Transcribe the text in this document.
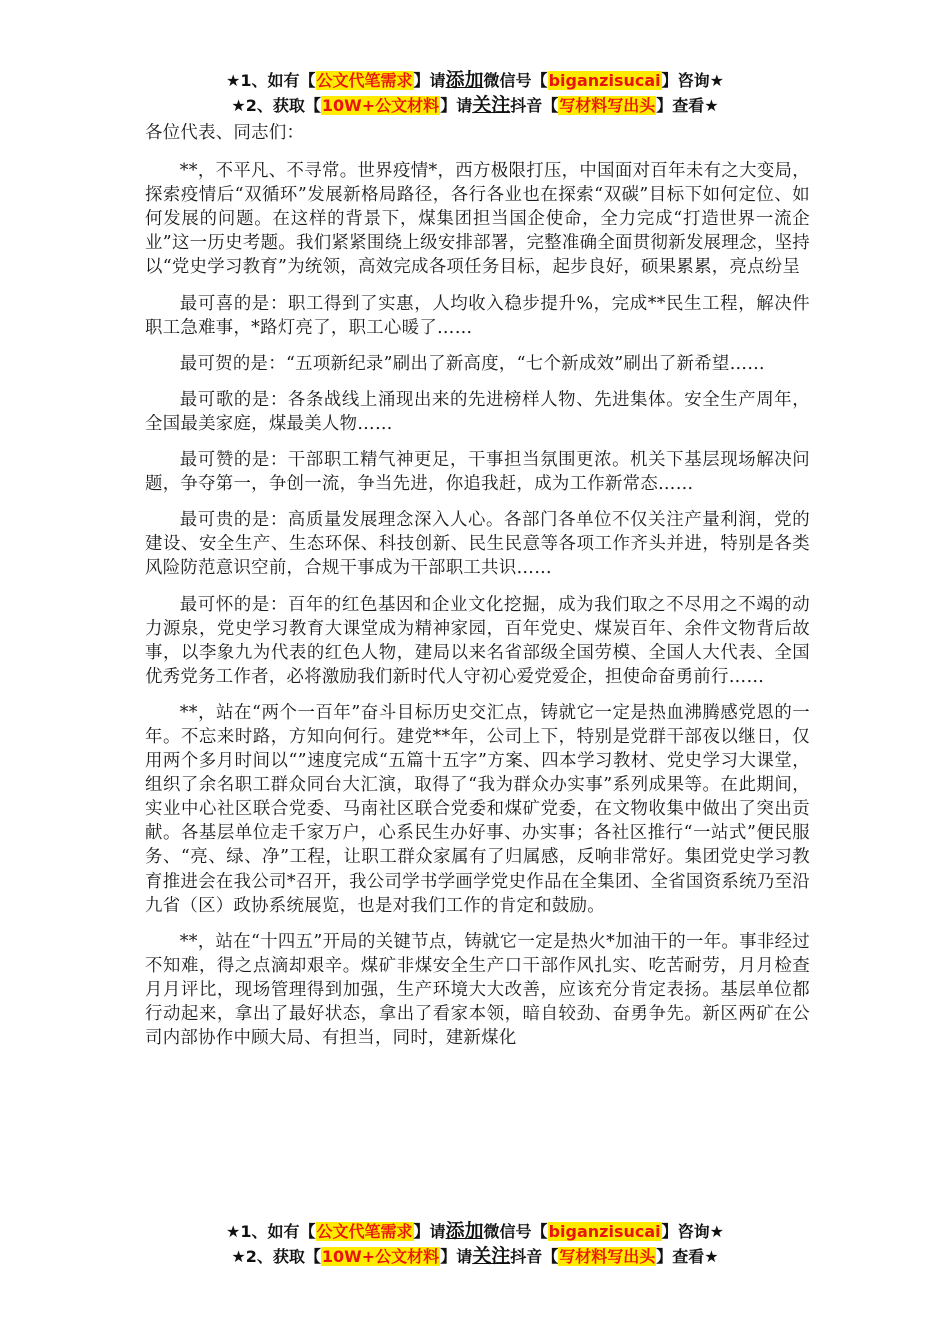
★1、如有【公文代笔需求】请添加微信号【biganzisucai】咨询★
★2、获取【10W+公文材料】请关注抖音【写材料写出头】查看★

各位代表、同志们：

**，不平凡、不寻常。世界疫情*，西方极限打压，中国面对百年未有之大变局，探索疫情后“双循环”发展新格局路径，各行各业也在探索“双碳”目标下如何定位、如何发展的问题。在这样的背景下，煤集团担当国企使命，全力完成“打造世界一流企业”这一历史考题。我们紧紧围绕上级安排部署，完整准确全面贯彻新发展理念，坚持以“党史学习教育”为统领，高效完成各项任务目标，起步良好，硕果累累，亮点纷呈

最可喜的是：职工得到了实惠，人均收入稳步提升%，完成**民生工程，解决件职工急难事，*路灯亮了，职工心暖了……

最可贺的是：“五项新纪录”刷出了新高度，“七个新成效”刷出了新希望……

最可歌的是：各条战线上涌现出来的先进榜样人物、先进集体。安全生产周年，全国最美家庭，煤最美人物……

最可赞的是：干部职工精气神更足，干事担当氛围更浓。机关下基层现场解决问题，争夺第一，争创一流，争当先进，你追我赶，成为工作新常态……

最可贵的是：高质量发展理念深入人心。各部门各单位不仅关注产量利润，党的建设、安全生产、生态环保、科技创新、民生民意等各项工作齐头并进，特别是各类风险防范意识空前，合规干事成为干部职工共识……

最可怀的是：百年的红色基因和企业文化挖掘，成为我们取之不尽用之不竭的动力源泉，党史学习教育大课堂成为精神家园，百年党史、煤炭百年、余件文物背后故事，以李象九为代表的红色人物，建局以来名省部级全国劳模、全国人大代表、全国优秀党务工作者，必将激励我们新时代人守初心爱党爱企，担使命奋勇前行……

**，站在“两个一百年”奋斗目标历史交汇点，铸就它一定是热血沸腾感党恩的一年。不忘来时路，方知向何行。建党**年，公司上下，特别是党群干部夜以继日，仅用两个多月时间以“”速度完成“五篇十五字”方案、四本学习教材、党史学习大课堂，组织了余名职工群众同台大汇演，取得了“我为群众办实事”系列成果等。在此期间，实业中心社区联合党委、马南社区联合党委和煤矿党委，在文物收集中做出了突出贡献。各基层单位走千家万户，心系民生办好事、办实事；各社区推行“一站式”便民服务、“亮、绿、净”工程，让职工群众家属有了归属感，反响非常好。集团党史学习教育推进会在我公司*召开，我公司学书学画学党史作品在全集团、全省国资系统乃至沿九省（区）政协系统展览，也是对我们工作的肯定和鼓励。

**，站在“十四五”开局的关键节点，铸就它一定是热火*加油干的一年。事非经过不知难，得之点滴却艰辛。煤矿非煤安全生产口干部作风扎实、吃苦耐劳，月月检查月月评比，现场管理得到加强，生产环境大大改善，应该充分肯定表扬。基层单位都行动起来，拿出了最好状态，拿出了看家本领，暗自较劲、奋勇争先。新区两矿在公司内部协作中顾大局、有担当，同时，建新煤化

★1、如有【公文代笔需求】请添加微信号【biganzisucai】咨询★
★2、获取【10W+公文材料】请关注抖音【写材料写出头】查看★
